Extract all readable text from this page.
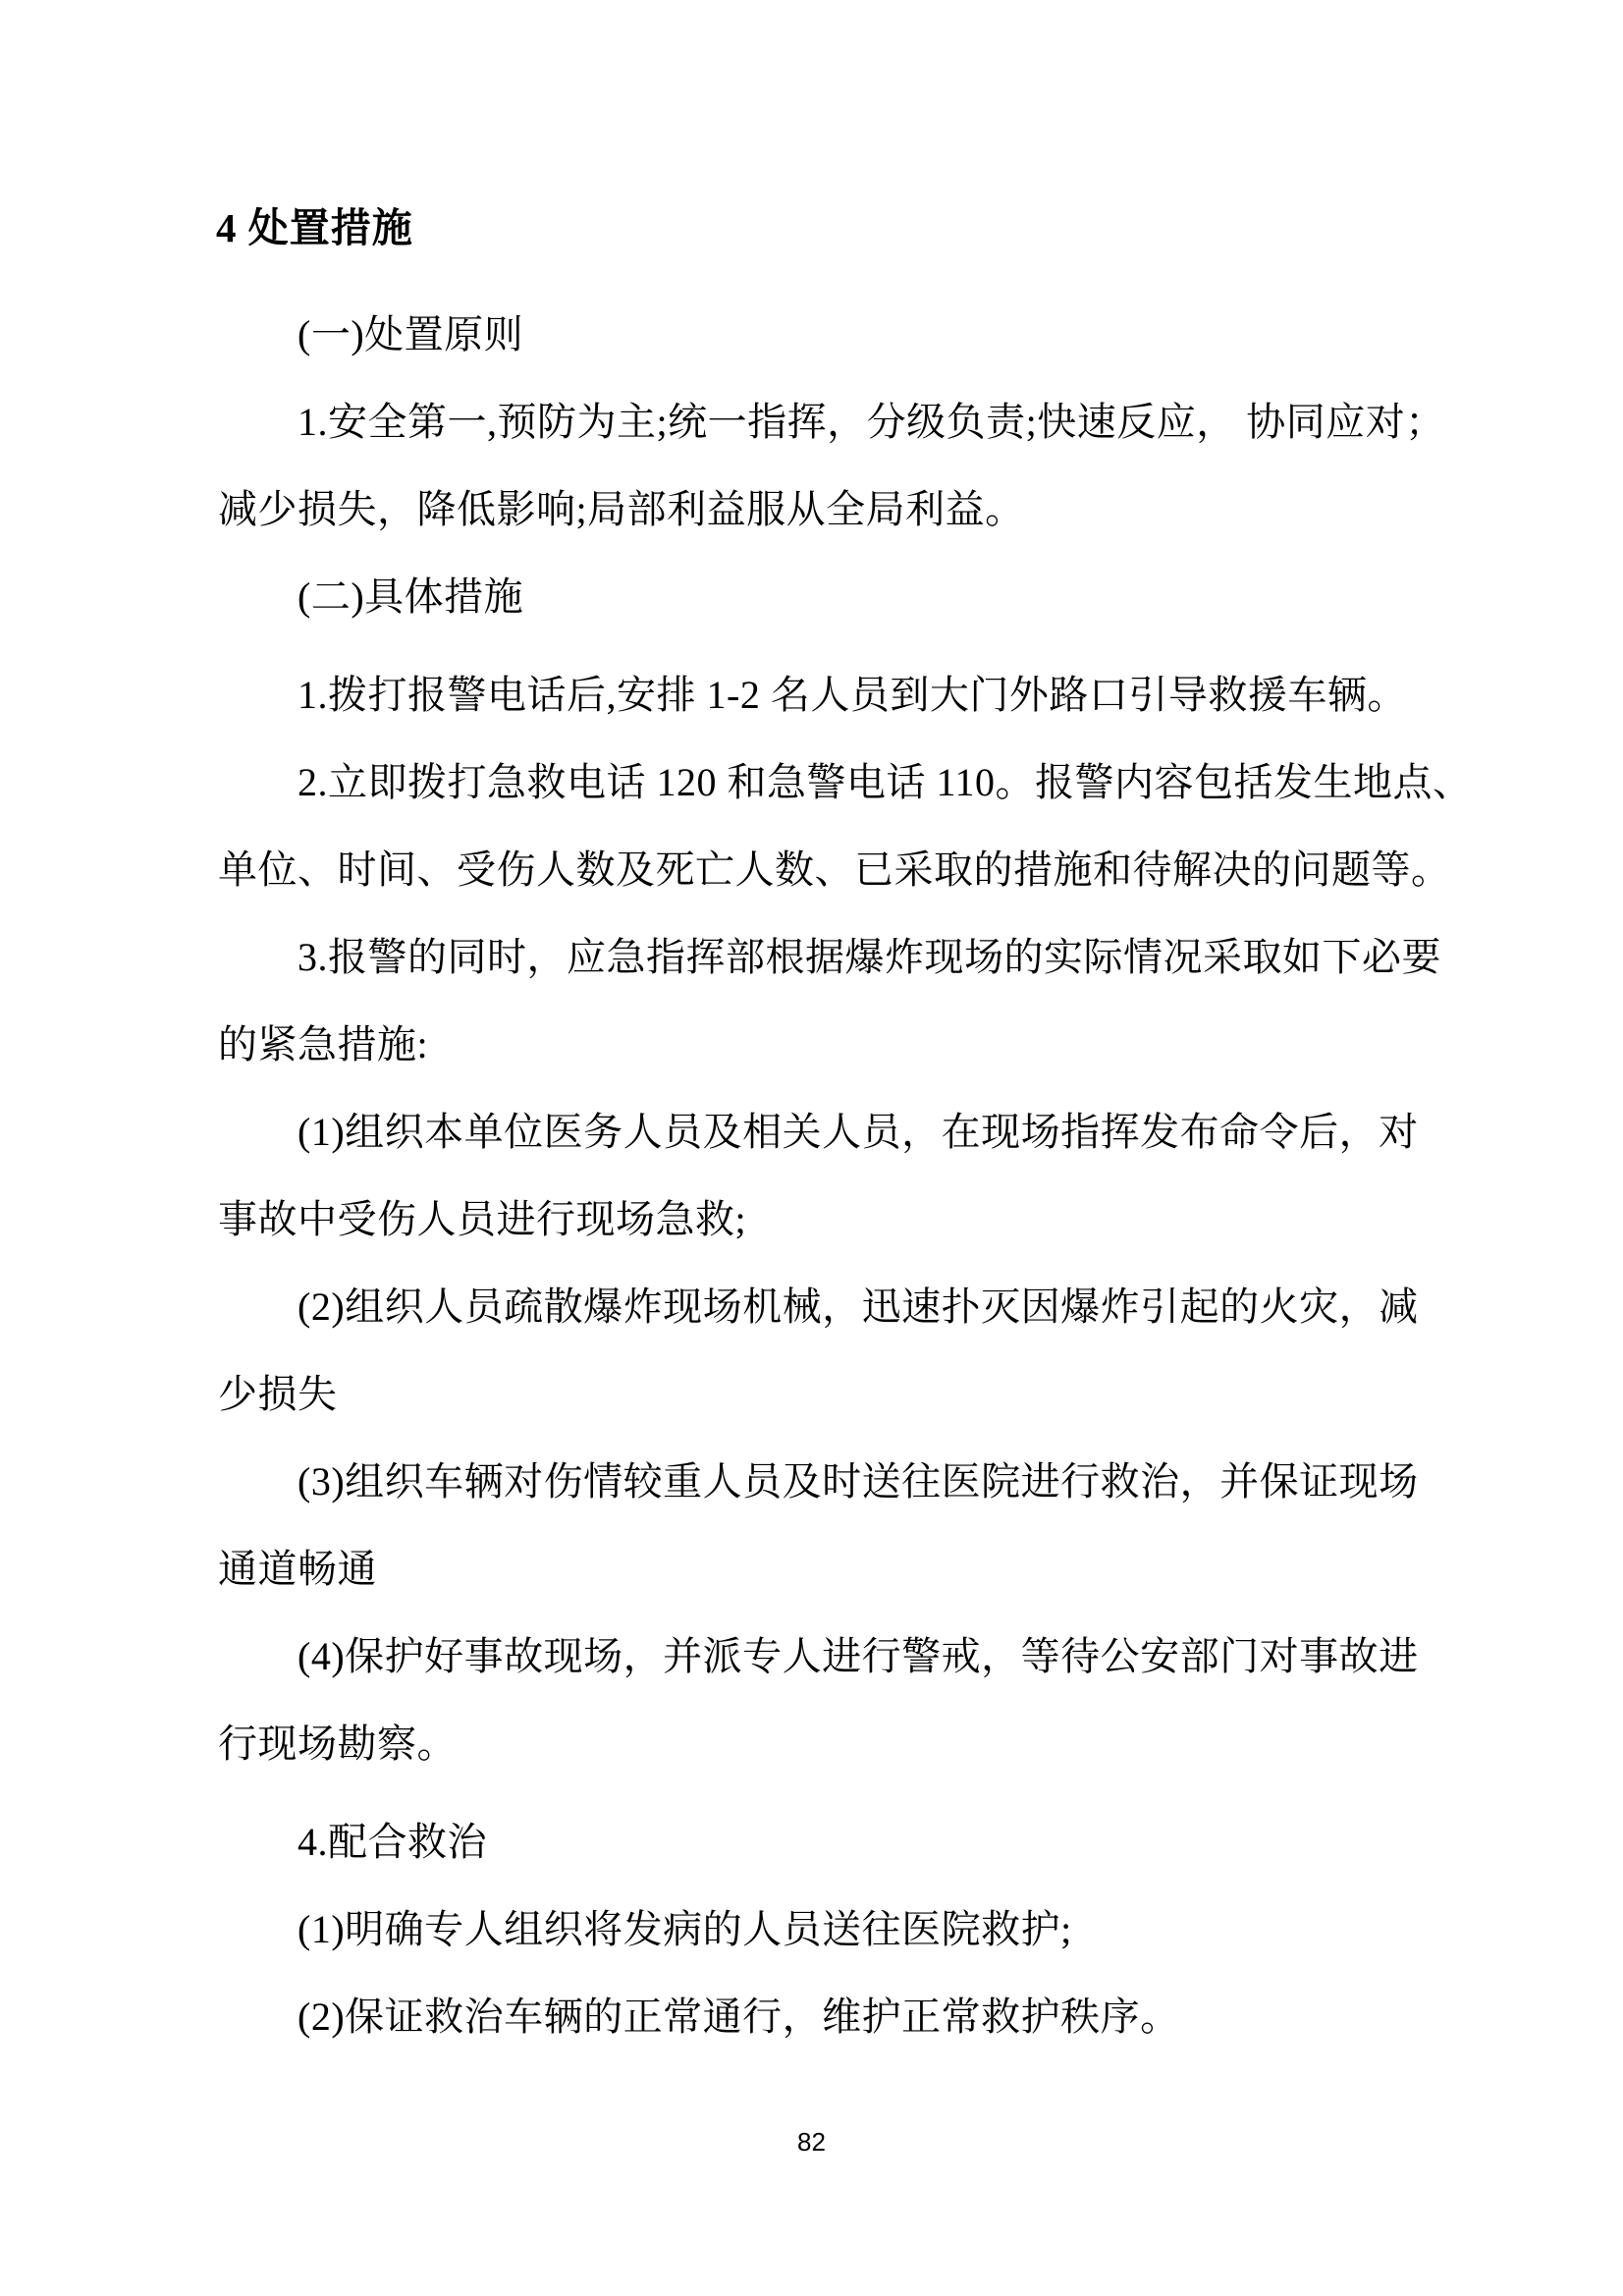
4 处置措施
(一)处置原则
1.安全第一,预防为主;统一指挥，分级负责;快速反应， 协同应对；
减少损失，降低影响;局部利益服从全局利益。
(二)具体措施
1.拨打报警电话后,安排 1-2 名人员到大门外路口引导救援车辆。
2.立即拨打急救电话 120 和急警电话 110。报警内容包括发生地点、
单位、时间、受伤人数及死亡人数、已采取的措施和待解决的问题等。
3.报警的同时，应急指挥部根据爆炸现场的实际情况采取如下必要
的紧急措施:
(1)组织本单位医务人员及相关人员，在现场指挥发布命令后，对
事故中受伤人员进行现场急救;
(2)组织人员疏散爆炸现场机械，迅速扑灭因爆炸引起的火灾，减
少损失
(3)组织车辆对伤情较重人员及时送往医院进行救治，并保证现场
通道畅通
(4)保护好事故现场，并派专人进行警戒，等待公安部门对事故进
行现场勘察。
4.配合救治
(1)明确专人组织将发病的人员送往医院救护;
(2)保证救治车辆的正常通行，维护正常救护秩序。
82
